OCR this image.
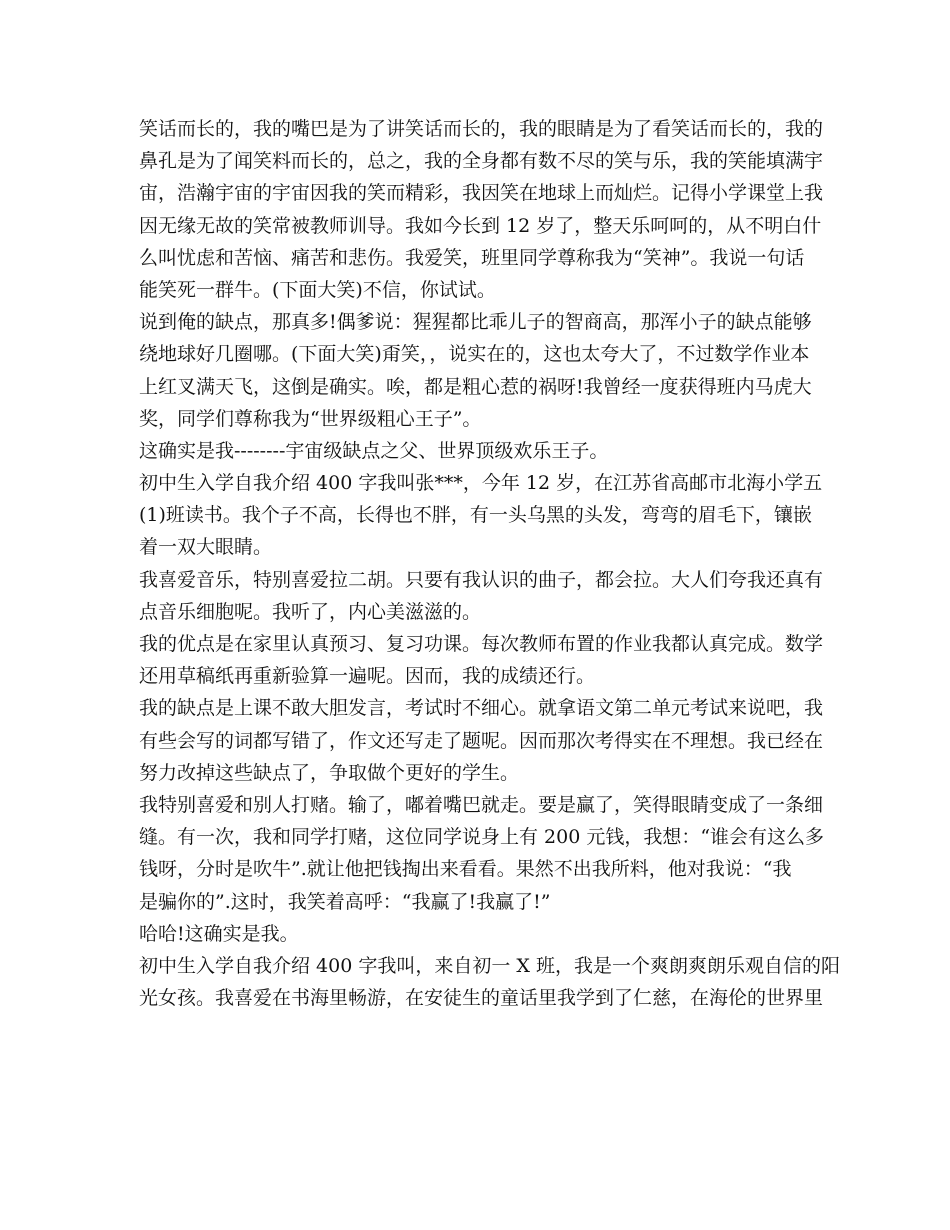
笑话而长的，我的嘴巴是为了讲笑话而长的，我的眼睛是为了看笑话而长的，我的
鼻孔是为了闻笑料而长的，总之，我的全身都有数不尽的笑与乐，我的笑能填满宇
宙，浩瀚宇宙的宇宙因我的笑而精彩，我因笑在地球上而灿烂。记得小学课堂上我
因无缘无故的笑常被教师训导。我如今长到 12 岁了，整天乐呵呵的，从不明白什
么叫忧虑和苦恼、痛苦和悲伤。我爱笑，班里同学尊称我为“笑神”。我说一句话
能笑死一群牛。(下面大笑)不信，你试试。
说到俺的缺点，那真多!偶爹说：猩猩都比乖儿子的智商高，那浑小子的缺点能够
绕地球好几圈哪。(下面大笑)甭笑，，说实在的，这也太夸大了，不过数学作业本
上红叉满天飞，这倒是确实。唉，都是粗心惹的祸呀!我曾经一度获得班内马虎大
奖，同学们尊称我为“世界级粗心王子”。
这确实是我--------宇宙级缺点之父、世界顶级欢乐王子。
初中生入学自我介绍 400 字我叫张***，今年 12 岁，在江苏省高邮市北海小学五
(1)班读书。我个子不高，长得也不胖，有一头乌黑的头发，弯弯的眉毛下，镶嵌
着一双大眼睛。
我喜爱音乐，特别喜爱拉二胡。只要有我认识的曲子，都会拉。大人们夸我还真有
点音乐细胞呢。我听了，内心美滋滋的。
我的优点是在家里认真预习、复习功课。每次教师布置的作业我都认真完成。数学
还用草稿纸再重新验算一遍呢。因而，我的成绩还行。
我的缺点是上课不敢大胆发言，考试时不细心。就拿语文第二单元考试来说吧，我
有些会写的词都写错了，作文还写走了题呢。因而那次考得实在不理想。我已经在
努力改掉这些缺点了，争取做个更好的学生。
我特别喜爱和别人打赌。输了，嘟着嘴巴就走。要是赢了，笑得眼睛变成了一条细
缝。有一次，我和同学打赌，这位同学说身上有 200 元钱，我想：“谁会有这么多
钱呀，分时是吹牛”.就让他把钱掏出来看看。果然不出我所料，他对我说：“我
是骗你的”.这时，我笑着高呼：“我赢了!我赢了!”
哈哈!这确实是我。
初中生入学自我介绍 400 字我叫，来自初一 X 班，我是一个爽朗爽朗乐观自信的阳
光女孩。我喜爱在书海里畅游，在安徒生的童话里我学到了仁慈，在海伦的世界里
